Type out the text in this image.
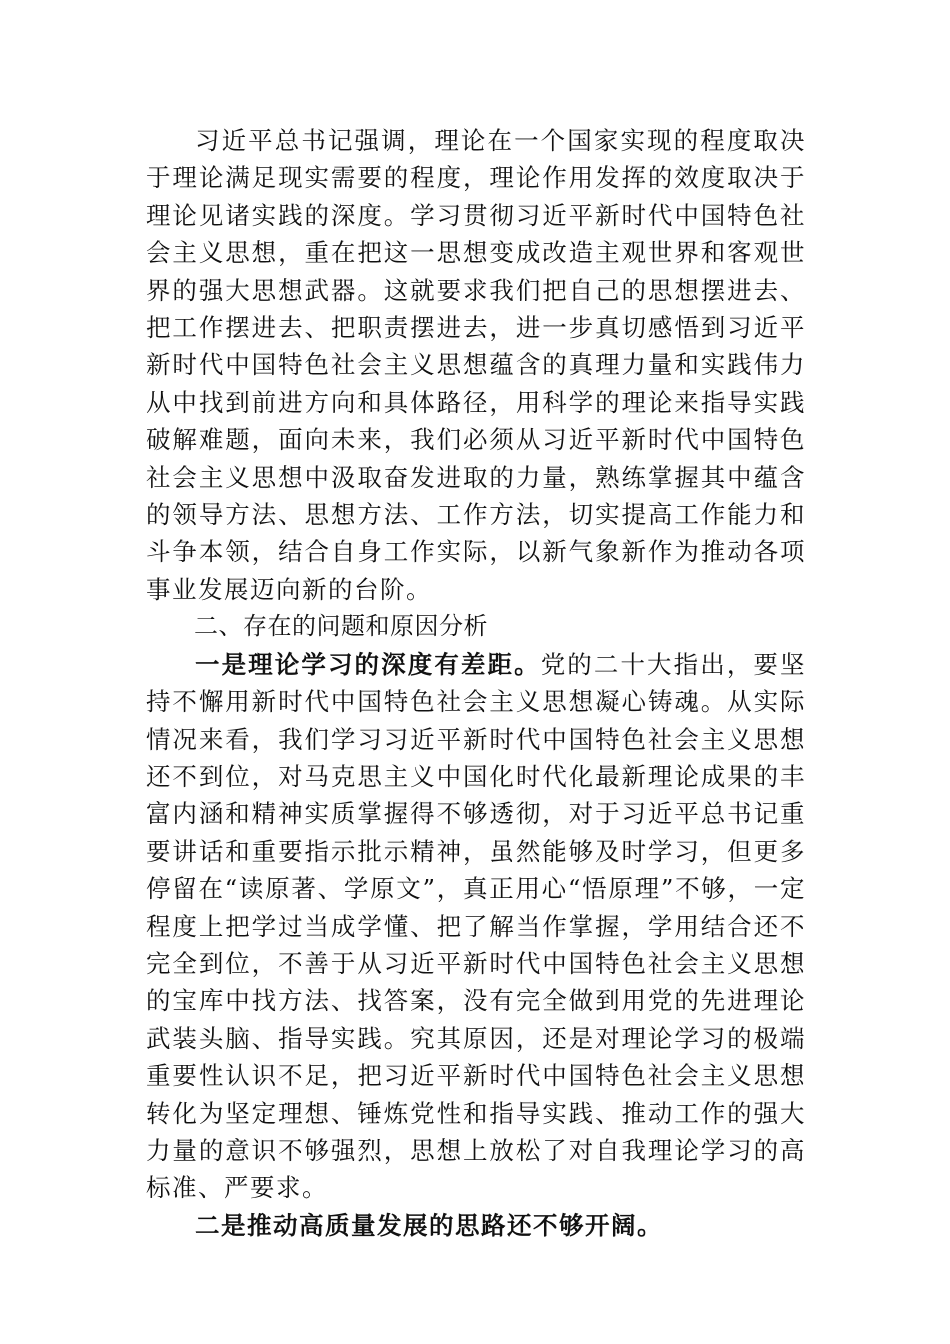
习近平总书记强调，理论在一个国家实现的程度取决于理论满足现实需要的程度，理论作用发挥的效度取决于理论见诸实践的深度。学习贯彻习近平新时代中国特色社会主义思想，重在把这一思想变成改造主观世界和客观世界的强大思想武器。这就要求我们把自己的思想摆进去、把工作摆进去、把职责摆进去，进一步真切感悟到习近平新时代中国特色社会主义思想蕴含的真理力量和实践伟力从中找到前进方向和具体路径，用科学的理论来指导实践破解难题，面向未来，我们必须从习近平新时代中国特色社会主义思想中汲取奋发进取的力量，熟练掌握其中蕴含的领导方法、思想方法、工作方法，切实提高工作能力和斗争本领，结合自身工作实际，以新气象新作为推动各项事业发展迈向新的台阶。

二、存在的问题和原因分析

一是理论学习的深度有差距。党的二十大指出，要坚持不懈用新时代中国特色社会主义思想凝心铸魂。从实际情况来看，我们学习习近平新时代中国特色社会主义思想还不到位，对马克思主义中国化时代化最新理论成果的丰富内涵和精神实质掌握得不够透彻，对于习近平总书记重要讲话和重要指示批示精神，虽然能够及时学习，但更多停留在“读原著、学原文”，真正用心“悟原理”不够，一定程度上把学过当成学懂、把了解当作掌握，学用结合还不完全到位，不善于从习近平新时代中国特色社会主义思想的宝库中找方法、找答案，没有完全做到用党的先进理论武装头脑、指导实践。究其原因，还是对理论学习的极端重要性认识不足，把习近平新时代中国特色社会主义思想转化为坚定理想、锤炼党性和指导实践、推动工作的强大力量的意识不够强烈，思想上放松了对自我理论学习的高标准、严要求。

二是推动高质量发展的思路还不够开阔。
